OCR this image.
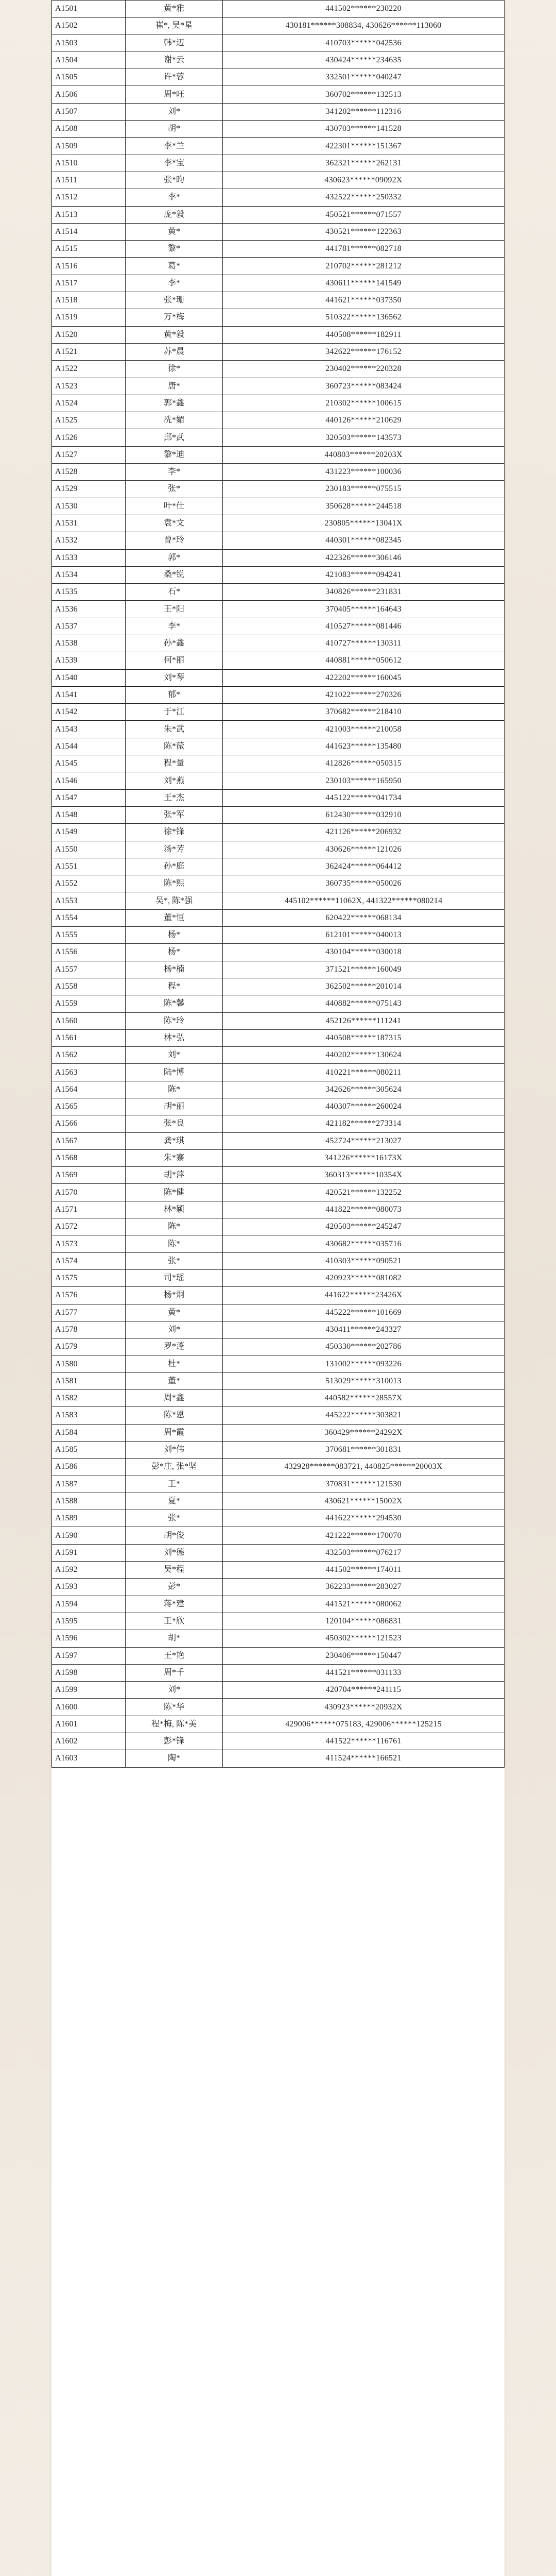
A1501	黄*雅	441502******230220
A1502	崔*, 吴*星	430181******308834, 430626******113060
A1503	韩*迈	410703******042536
A1504	谢*云	430424******234635
A1505	许*蓉	332501******040247
A1506	周*旺	360702******132513
A1507	刘*	341202******112316
A1508	胡*	430703******141528
A1509	李*兰	422301******151367
A1510	李*宝	362321******262131
A1511	张*昀	430623******09092X
A1512	李*	432522******250332
A1513	庞*毅	450521******071557
A1514	黄*	430521******122363
A1515	黎*	441781******082718
A1516	葛*	210702******281212
A1517	李*	430611******141549
A1518	张*珊	441621******037350
A1519	万*梅	510322******136562
A1520	黄*毅	440508******182911
A1521	苏*晨	342622******176152
A1522	徐*	230402******220328
A1523	唐*	360723******083424
A1524	郭*鑫	210302******100615
A1525	冼*媚	440126******210629
A1526	邱*武	320503******143573
A1527	黎*迪	440803******20203X
A1528	李*	431223******100036
A1529	张*	230183******075515
A1530	叶*仕	350628******244518
A1531	袁*文	230805******13041X
A1532	曾*玲	440301******082345
A1533	郭*	422326******306146
A1534	桑*锐	421083******094241
A1535	石*	340826******231831
A1536	王*阳	370405******164643
A1537	李*	410527******081446
A1538	孙*鑫	410727******130311
A1539	何*丽	440881******050612
A1540	刘*琴	422202******160045
A1541	郁*	421022******270326
A1542	于*江	370682******218410
A1543	朱*武	421003******210058
A1544	陈*薇	441623******135480
A1545	程*量	412826******050315
A1546	刘*燕	230103******165950
A1547	王*杰	445122******041734
A1548	张*军	612430******032910
A1549	徐*锋	421126******206932
A1550	汤*芳	430626******121026
A1551	孙*庭	362424******064412
A1552	陈*熙	360735******050026
A1553	吴*, 陈*强	445102******11062X, 441322******080214
A1554	董*恒	620422******068134
A1555	杨*	612101******040013
A1556	杨*	430104******030018
A1557	杨*楠	371521******160049
A1558	程*	362502******201014
A1559	陈*馨	440882******075143
A1560	陈*玲	452126******111241
A1561	林*弘	440508******187315
A1562	刘*	440202******130624
A1563	陆*博	410221******080211
A1564	陈*	342626******305624
A1565	胡*丽	440307******260024
A1566	张*良	421182******273314
A1567	龚*琪	452724******213027
A1568	朱*寨	341226******16173X
A1569	胡*萍	360313******10354X
A1570	陈*健	420521******132252
A1571	林*颖	441822******080073
A1572	陈*	420503******245247
A1573	陈*	430682******035716
A1574	张*	410303******090521
A1575	司*瑶	420923******081082
A1576	杨*炯	441622******23426X
A1577	黄*	445222******101669
A1578	刘*	430411******243327
A1579	罗*蓬	450330******202786
A1580	杜*	131002******093226
A1581	董*	513029******310013
A1582	周*鑫	440582******28557X
A1583	陈*恩	445222******303821
A1584	周*霞	360429******24292X
A1585	刘*伟	370681******301831
A1586	彭*庄, 张*坚	432928******083721, 440825******20003X
A1587	王*	370831******121530
A1588	夏*	430621******15002X
A1589	张*	441622******294530
A1590	胡*俊	421222******170070
A1591	刘*德	432503******076217
A1592	吴*程	441502******174011
A1593	彭*	362233******283027
A1594	蒋*建	441521******080062
A1595	王*欣	120104******086831
A1596	胡*	450302******121523
A1597	王*艳	230406******150447
A1598	周*千	441521******031133
A1599	刘*	420704******241115
A1600	陈*华	430923******20932X
A1601	程*梅, 陈*美	429006******075183, 429006******125215
A1602	彭*锋	441522******116761
A1603	陶*	411524******166521
